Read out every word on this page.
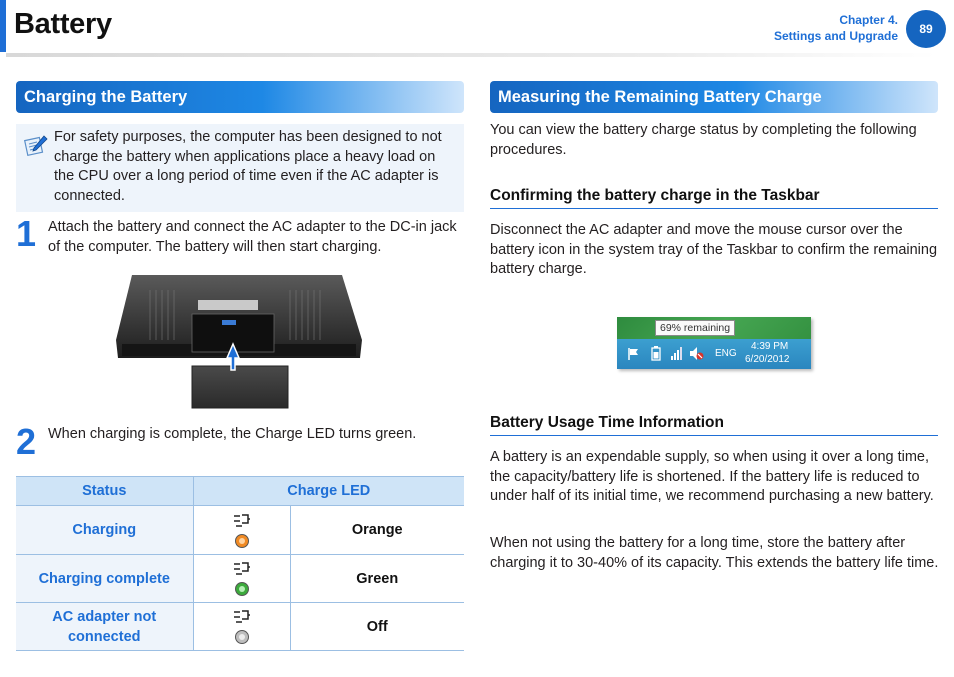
Battery	Chapter 4.
Settings and Upgrade	89
Charging the Battery
For safety purposes, the computer has been designed to not charge the battery when applications place a heavy load on the CPU over a long period of time even if the AC adapter is connected.
1 Attach the battery and connect the AC adapter to the DC-in jack of the computer. The battery will then start charging.
2 When charging is complete, the Charge LED turns green.
Status	Charge LED	
Charging		Orange
Charging complete		Green
AC adapter not connected		Off
Measuring the Remaining Battery Charge
You can view the battery charge status by completing the following procedures.
Confirming the battery charge in the Taskbar
Disconnect the AC adapter and move the mouse cursor over the battery icon in the system tray of the Taskbar to confirm the remaining battery charge.
69% remaining
ENG
4:39 PM
6/20/2012
Battery Usage Time Information
A battery is an expendable supply, so when using it over a long time, the capacity/battery life is shortened. If the battery life is reduced to under half of its initial time, we recommend purchasing a new battery.
When not using the battery for a long time, store the battery after charging it to 30-40% of its capacity. This extends the battery life time.
